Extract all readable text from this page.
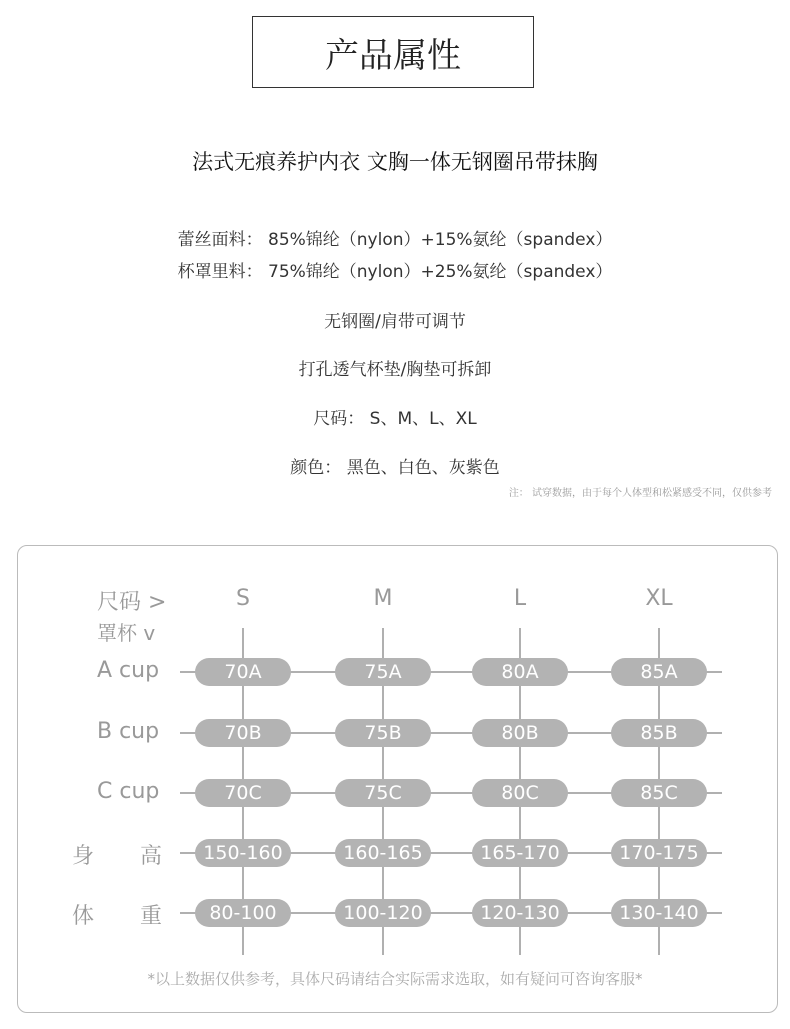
产品属性
法式无痕养护内衣 文胸一体无钢圈吊带抹胸
蕾丝面料： 85%锦纶（nylon）+15%氨纶（spandex）
杯罩里料： 75%锦纶（nylon）+25%氨纶（spandex）
无钢圈/肩带可调节
打孔透气杯垫/胸垫可拆卸
尺码： S、M、L、XL
颜色： 黑色、白色、灰紫色
注： 试穿数据，由于每个人体型和松紧感受不同，仅供参考
尺码 >
罩杯 v
S	M	L	XL
A cup	70A	75A	80A	85A
B cup	70B	75B	80B	85B
C cup	70C	75C	80C	85C
身 高	150-160	160-165	165-170	170-175
体 重	80-100	100-120	120-130	130-140
*以上数据仅供参考，具体尺码请结合实际需求选取，如有疑问可咨询客服*
